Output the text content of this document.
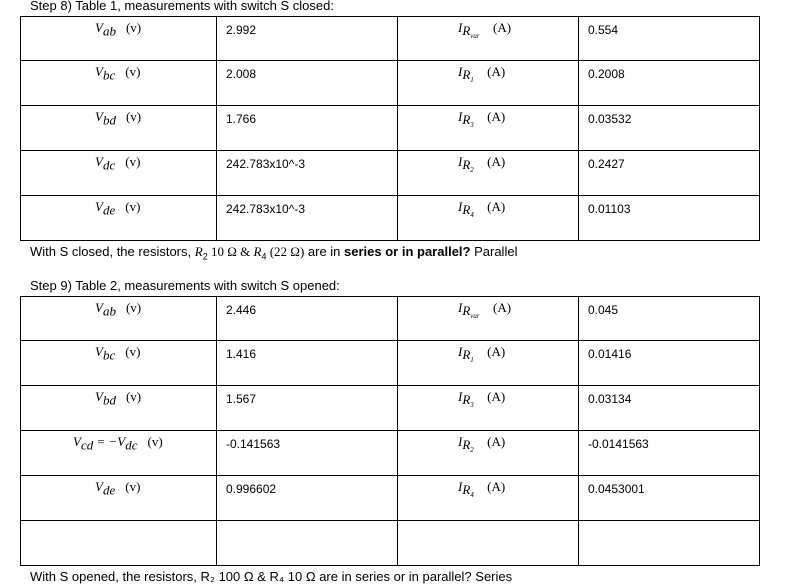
Step 8) Table 1, measurements with switch S closed:
$V_{ab}$ (v)	2.992	$I_{R_{var}}$    (A)	0.554
$V_{bc}$ (v)	2.008	$I_{R_1}$    (A)	0.2008
$V_{bd}$ (v)	1.766	$I_{R_3}$    (A)	0.03532
$V_{dc}$ (v)	242.783x10^-3	$I_{R_2}$    (A)	0.2427
$V_{de}$ (v)	242.783x10^-3	$I_{R_4}$    (A)	0.01103
With S closed, the resistors, $R_2$ 10 Ω & $R_4$ (22 Ω) are in series or in parallel? Parallel
Step 9) Table 2, measurements with switch S opened:
$V_{ab}$ (v)	2.446	$I_{R_{var}}$    (A)	0.045
$V_{bc}$ (v)	1.416	$I_{R_1}$    (A)	0.01416
$V_{bd}$ (v)	1.567	$I_{R_3}$    (A)	0.03134
$V_{cd} = -V_{dc}$ (v)	-0.141563	$I_{R_2}$    (A)	-0.0141563
$V_{de}$ (v)	0.996602	$I_{R_4}$    (A)	0.0453001

With S opened, the resistors, R₂ 100 Ω & R₄ 10 Ω are in series or in parallel? Series
